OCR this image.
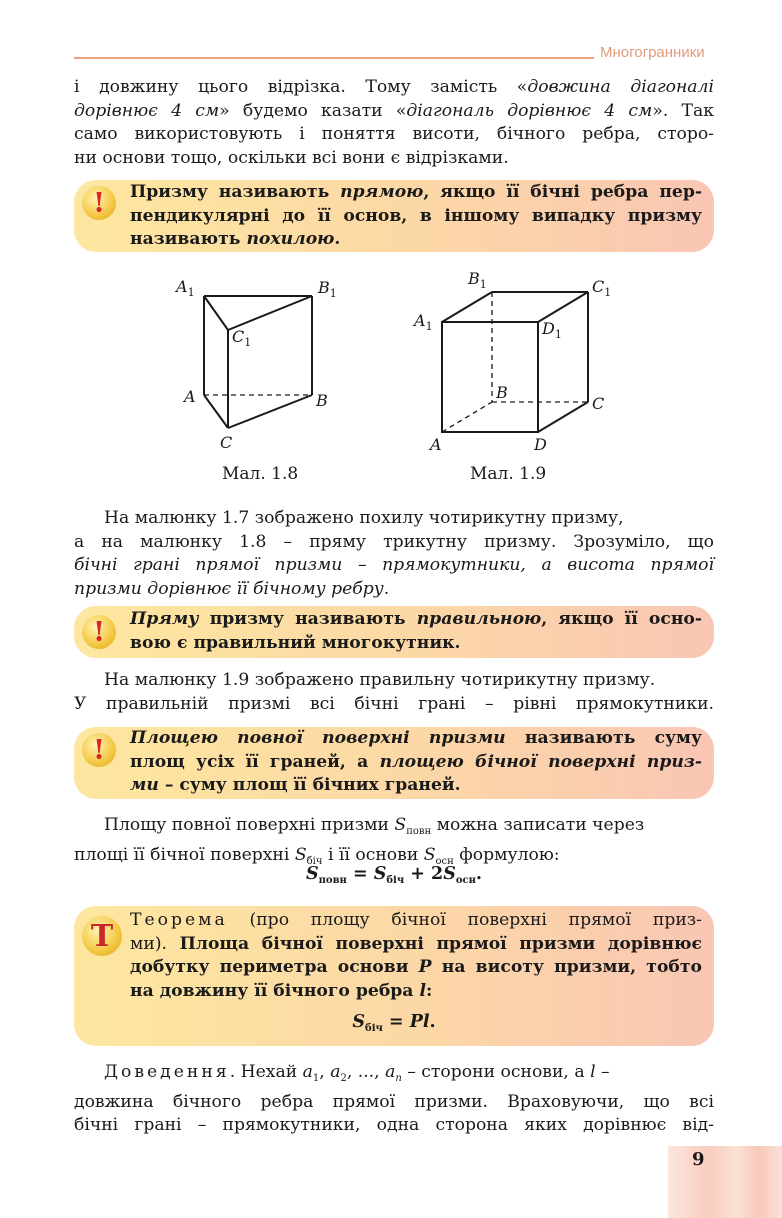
Многогранники

і довжину цього відрізка. Тому замість «довжина діагоналі
дорівнює 4 см» будемо казати «діагональ дорівнює 4 см». Так
само використовують і поняття висоти, бічного ребра, сторо-
ни основи тощо, оскільки всі вони є відрізками.

!	Призму називають прямою, якщо її бічні ребра пер-
пендикулярні до її основ, в іншому випадку призму
називають похилою.
$A_1$	$B_1$
$C_1$
A	B
C
Мал. 1.8
$A_1$
$B_1$	$C_1$
$D_1$
A
B
C
D
Мал. 1.9

На малюнку 1.7 зображено похилу чотирикутну призму,
а на малюнку 1.8 – пряму трикутну призму. Зрозуміло, що
бічні грані прямої призми – прямокутники, а висота прямої
призми дорівнює її бічному ребру.

!	Пряму призму називають правильною, якщо її осно-
вою є правильний многокутник.

На малюнку 1.9 зображено правильну чотирикутну призму.
У правильній призмі всі бічні грані – рівні прямокутники.

!	Площею повної поверхні призми називають суму
площ усіх її граней, а площею бічної поверхні приз-
ми – суму площ її бічних граней.

Площу повної поверхні призми $S_{повн}$ можна записати через
площі її бічної поверхні $S_{біч}$ і її основи $S_{осн}$ формулою:

$S_{повн} = S_{біч} + 2S_{осн}$.
T Теорема (про площу бічної поверхні прямої приз-
ми). Площа бічної поверхні прямої призми дорівнює
добутку периметра основи P на висоту призми, тобто
на довжину її бічного ребра l:
$S_{біч} = Pl$.

Доведення. Нехай $a_1$, $a_2$, ..., $a_n$ – сторони основи, а l –
довжина бічного ребра прямої призми. Враховуючи, що всі
бічні грані – прямокутники, одна сторона яких дорівнює від-

9
